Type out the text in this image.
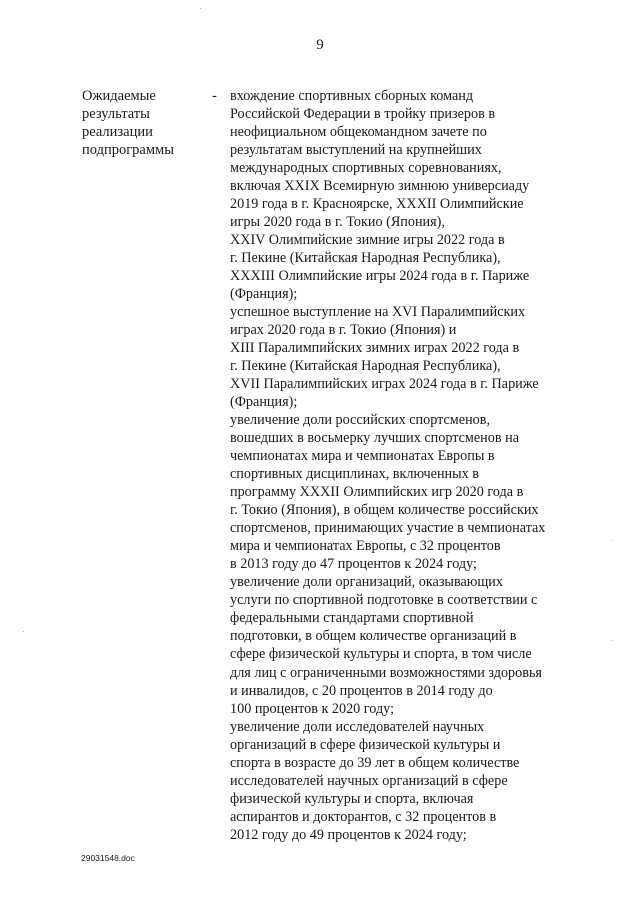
9
Ожидаемые
результаты
реализации
подпрограммы
- вхождение спортивных сборных команд
Российской Федерации в тройку призеров в
неофициальном общекомандном зачете по
результатам выступлений на крупнейших
международных спортивных соревнованиях,
включая XXIX Всемирную зимнюю универсиаду
2019 года в г. Красноярске, XXXII Олимпийские
игры 2020 года в г. Токио (Япония),
XXIV Олимпийские зимние игры 2022 года в
г. Пекине (Китайская Народная Республика),
XXXIII Олимпийские игры 2024 года в г. Париже
(Франция);
успешное выступление на XVI Паралимпийских
играх 2020 года в г. Токио (Япония) и
XIII Паралимпийских зимних играх 2022 года в
г. Пекине (Китайская Народная Республика),
XVII Паралимпийских играх 2024 года в г. Париже
(Франция);
увеличение доли российских спортсменов,
вошедших в восьмерку лучших спортсменов на
чемпионатах мира и чемпионатах Европы в
спортивных дисциплинах, включенных в
программу XXXII Олимпийских игр 2020 года в
г. Токио (Япония), в общем количестве российских
спортсменов, принимающих участие в чемпионатах
мира и чемпионатах Европы, с 32 процентов
в 2013 году до 47 процентов к 2024 году;
увеличение доли организаций, оказывающих
услуги по спортивной подготовке в соответствии с
федеральными стандартами спортивной
подготовки, в общем количестве организаций в
сфере физической культуры и спорта, в том числе
для лиц с ограниченными возможностями здоровья
и инвалидов, с 20 процентов в 2014 году до
100 процентов к 2020 году;
увеличение доли исследователей научных
организаций в сфере физической культуры и
спорта в возрасте до 39 лет в общем количестве
исследователей научных организаций в сфере
физической культуры и спорта, включая
аспирантов и докторантов, с 32 процентов в
2012 году до 49 процентов к 2024 году;
29031548.doc
